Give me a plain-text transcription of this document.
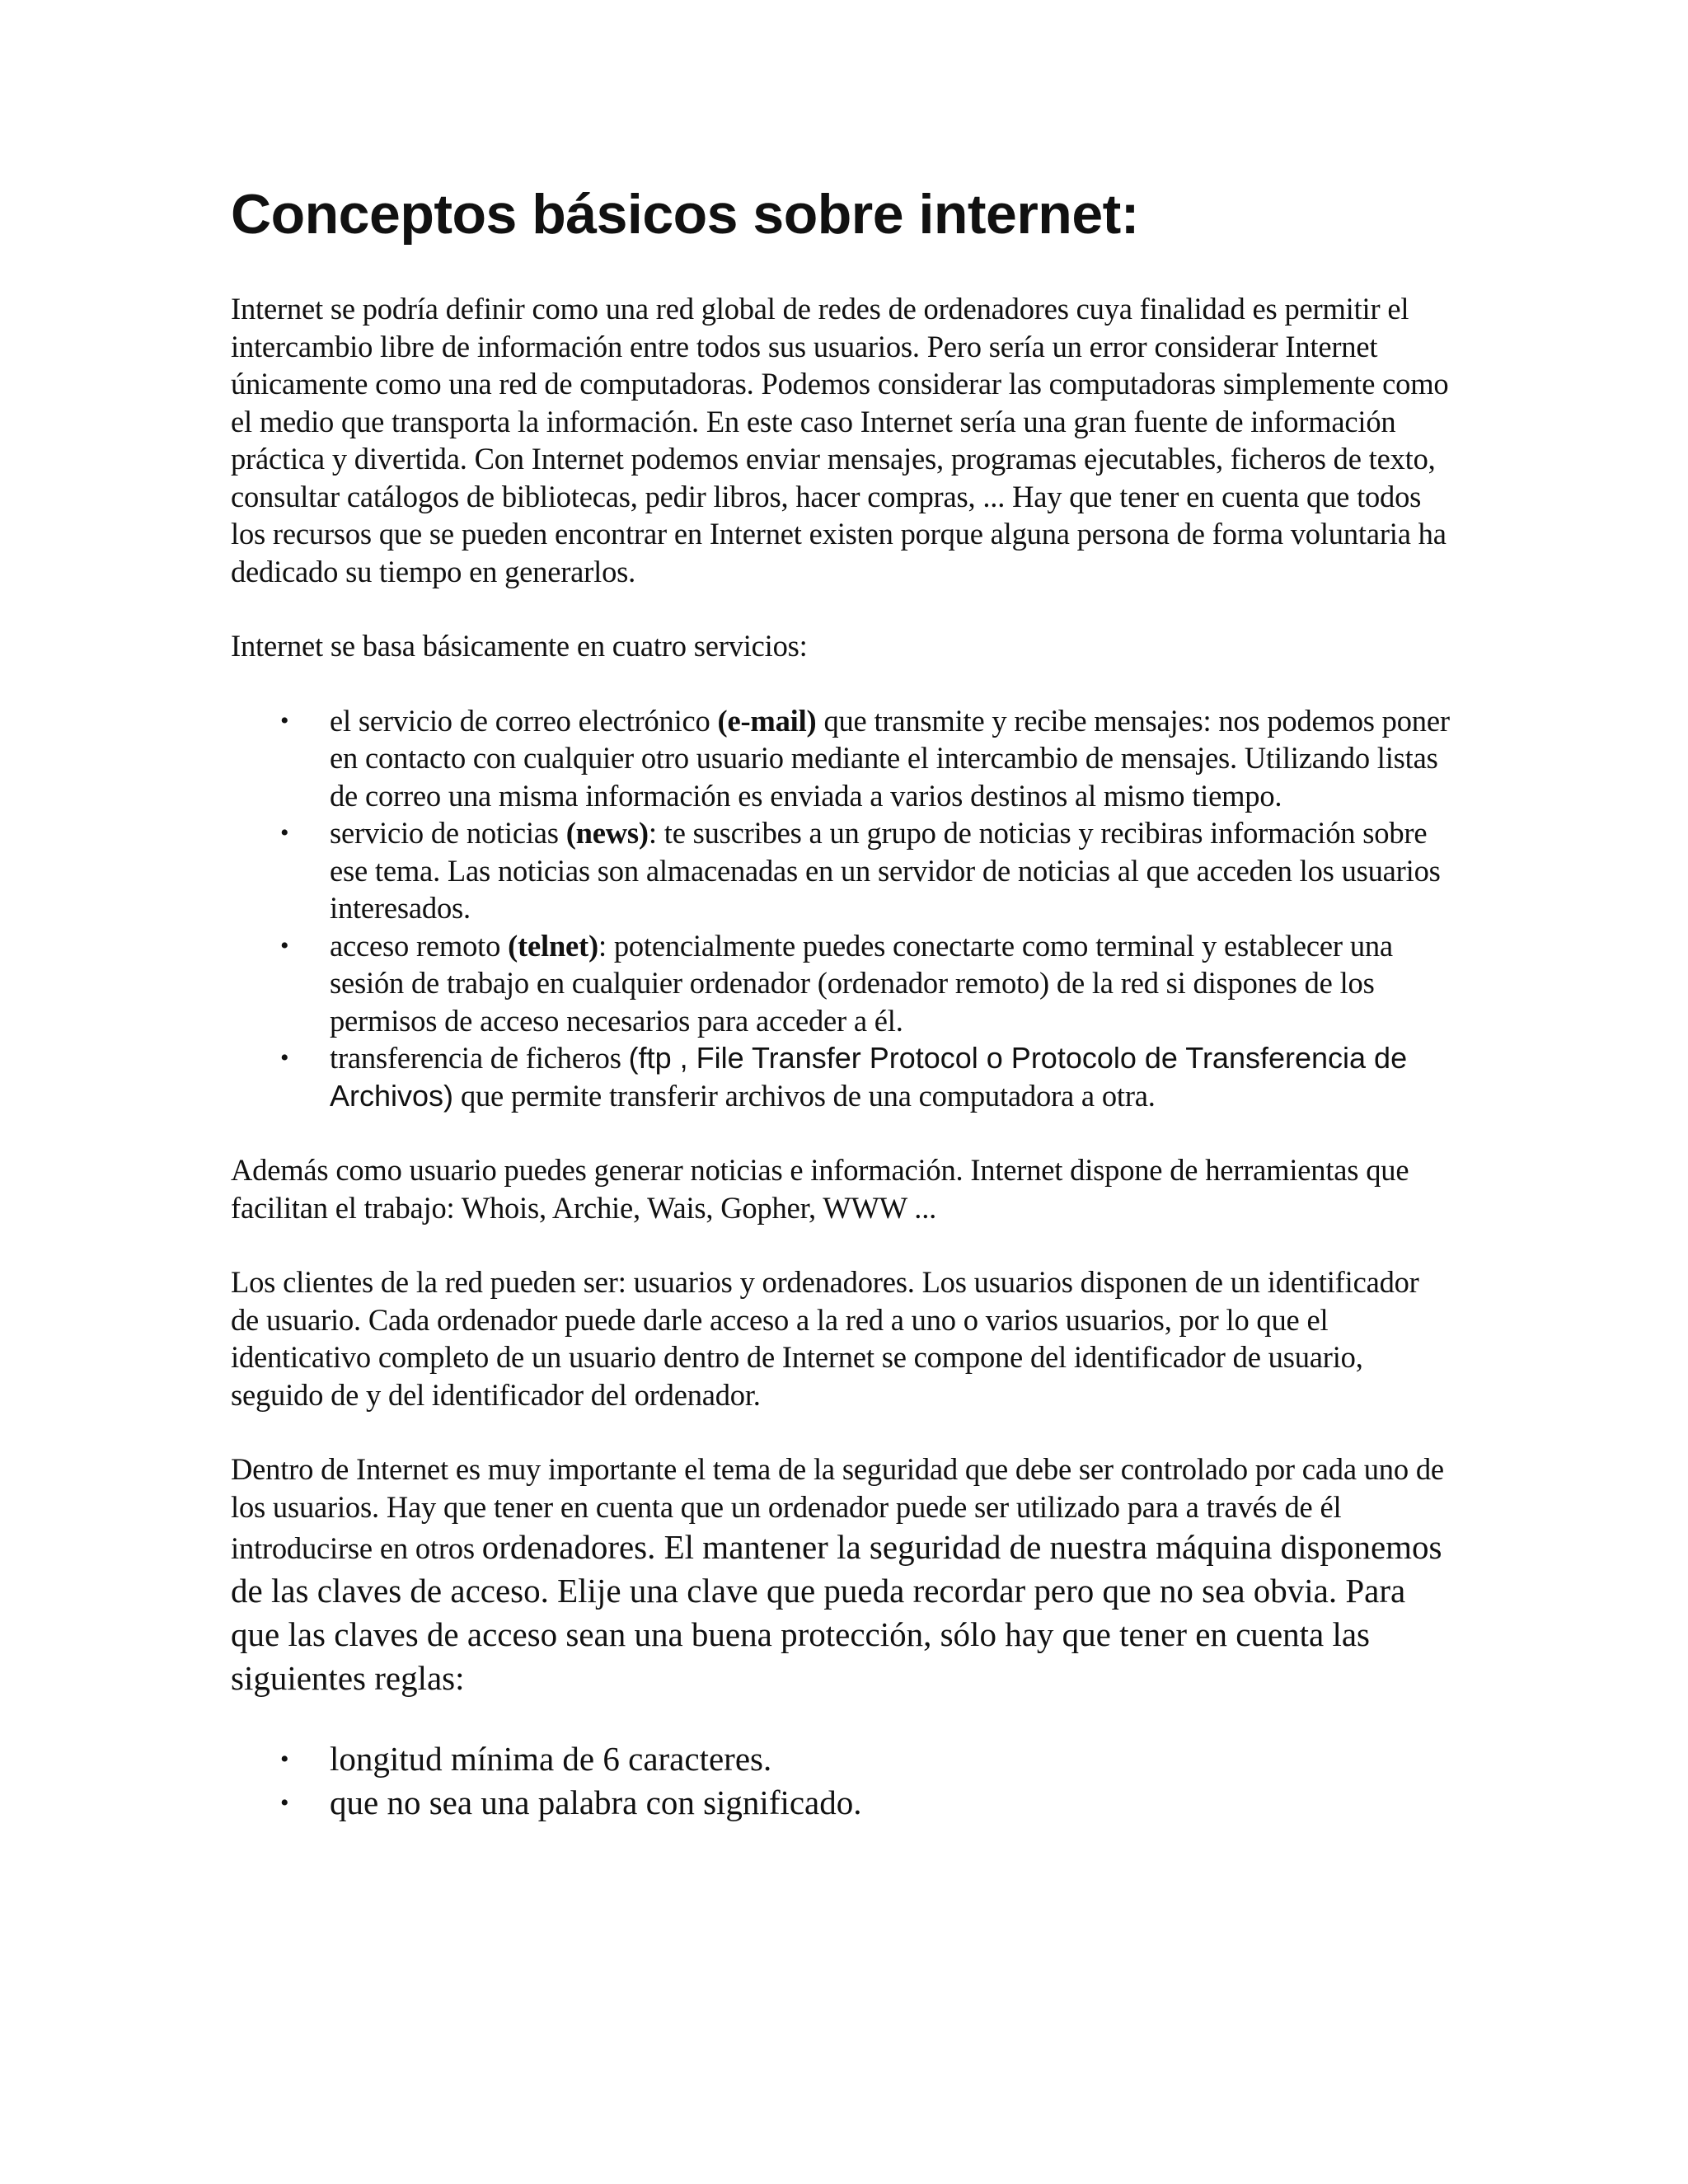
Conceptos básicos sobre internet:

Internet se podría definir como una red global de redes de ordenadores cuya finalidad es permitir el intercambio libre de información entre todos sus usuarios. Pero sería un error considerar Internet únicamente como una red de computadoras. Podemos considerar las computadoras simplemente como el medio que transporta la información. En este caso Internet sería una gran fuente de información práctica y divertida. Con Internet podemos enviar mensajes, programas ejecutables, ficheros de texto, consultar catálogos de bibliotecas, pedir libros, hacer compras, ... Hay que tener en cuenta que todos los recursos que se pueden encontrar en Internet existen porque alguna persona de forma voluntaria ha dedicado su tiempo en generarlos.

Internet se basa básicamente en cuatro servicios:

• el servicio de correo electrónico (e-mail) que transmite y recibe mensajes: nos podemos poner en contacto con cualquier otro usuario mediante el intercambio de mensajes. Utilizando listas de correo una misma información es enviada a varios destinos al mismo tiempo.
• servicio de noticias (news): te suscribes a un grupo de noticias y recibiras información sobre ese tema. Las noticias son almacenadas en un servidor de noticias al que acceden los usuarios interesados.
• acceso remoto (telnet): potencialmente puedes conectarte como terminal y establecer una sesión de trabajo en cualquier ordenador (ordenador remoto) de la red si dispones de los permisos de acceso necesarios para acceder a él.
• transferencia de ficheros (ftp , File Transfer Protocol o Protocolo de Transferencia de Archivos) que permite transferir archivos de una computadora a otra.

Además como usuario puedes generar noticias e información. Internet dispone de herramientas que facilitan el trabajo: Whois, Archie, Wais, Gopher, WWW ...

Los clientes de la red pueden ser: usuarios y ordenadores. Los usuarios disponen de un identificador de usuario. Cada ordenador puede darle acceso a la red a uno o varios usuarios, por lo que el identicativo completo de un usuario dentro de Internet se compone del identificador de usuario, seguido de y del identificador del ordenador.

Dentro de Internet es muy importante el tema de la seguridad que debe ser controlado por cada uno de los usuarios. Hay que tener en cuenta que un ordenador puede ser utilizado para a través de él introducirse en otros ordenadores. El mantener la seguridad de nuestra máquina disponemos de las claves de acceso. Elije una clave que pueda recordar pero que no sea obvia. Para que las claves de acceso sean una buena protección, sólo hay que tener en cuenta las siguientes reglas:

• longitud mínima de 6 caracteres.
• que no sea una palabra con significado.
